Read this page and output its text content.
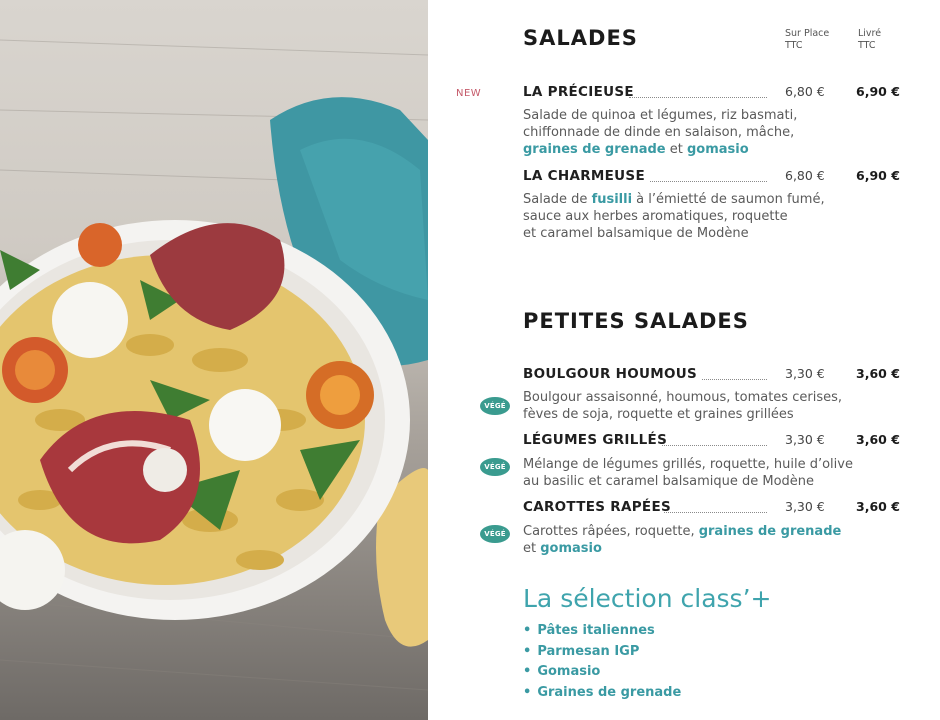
SALADES	Sur Place
TTC
Livré
TTC
NEW	LA PRÉCIEUSE	6,80 € 6,90 €
Salade de quinoa et légumes, riz basmati,
chiffonnade de dinde en salaison, mâche,
graines de grenade et gomasio
LA CHARMEUSE	6,80 € 6,90 €
Salade de fusilli à l’émietté de saumon fumé,
sauce aux herbes aromatiques, roquette
et caramel balsamique de Modène
PETITES SALADES
BOULGOUR HOUMOUS	3,30 € 3,60 €
VÉGÉ
Boulgour assaisonné, houmous, tomates cerises,
fèves de soja, roquette et graines grillées
LÉGUMES GRILLÉS	3,30 € 3,60 €
VÉGÉ	Mélange de légumes grillés, roquette, huile d’olive
au basilic et caramel balsamique de Modène
CAROTTES RAPÉES	3,30 € 3,60 €
VÉGÉ	Carottes râpées, roquette, graines de grenade
et gomasio
La sélection class’+
• Pâtes italiennes
• Parmesan IGP
• Gomasio
• Graines de grenade
